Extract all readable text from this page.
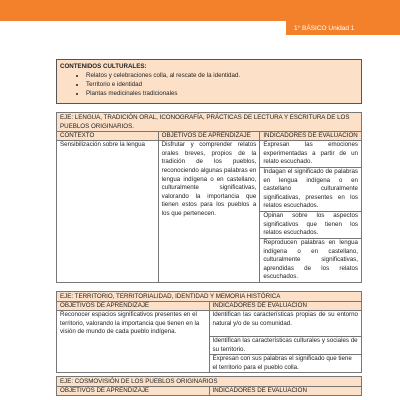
1° BÁSICO Unidad 1
CONTENIDOS CULTURALES:
• Relatos y celebraciones colla, al rescate de la identidad.
• Territorio e identidad
• Plantas medicinales tradicionales
EJE: LENGUA, TRADICIÓN ORAL, ICONOGRAFÍA, PRÁCTICAS DE LECTURA Y ESCRITURA DE LOS PUEBLOS ORIGINARIOS.		
CONTEXTO	OBJETIVOS DE APRENDIZAJE	INDICADORES DE EVALUACIÓN
Sensibilización sobre la lengua	Disfrutar y comprender relatos orales breves, propios de la tradición de los pueblos, reconociendo algunas palabras en lengua indígena o en castellano, culturalmente significativas, valorando la importancia que tienen estos para los pueblos a los que pertenecen.	Expresan las emociones experimentadas a partir de un relato escuchado.
		Indagan el significado de palabras en lengua indígena o en castellano culturalmente significativas, presentes en los relatos escuchados.
		Opinan sobre los aspectos significativos que tienen los relatos escuchados.
		Reproducen palabras en lengua indígena o en castellano, culturalmente significativas, aprendidas de los relatos escuchados.
EJE: TERRITORIO, TERRITORIALIDAD, IDENTIDAD Y MEMORIA HISTÓRICA	
OBJETIVOS DE APRENDIZAJE	INDICADORES DE EVALUACIÓN
Reconocer espacios significativos presentes en el territorio, valorando la importancia que tienen en la visión de mundo de cada pueblo indígena.	Identifican las características propias de su entorno natural y/o de su comunidad.
	Identifican las características culturales y sociales de su territorio.
	Expresan con sus palabras el significado que tiene el territorio para el pueblo colla.
EJE: COSMOVISIÓN DE LOS PUEBLOS ORIGINARIOS
OBJETIVOS DE APRENDIZAJE	INDICADORES DE EVALUACIÓN
